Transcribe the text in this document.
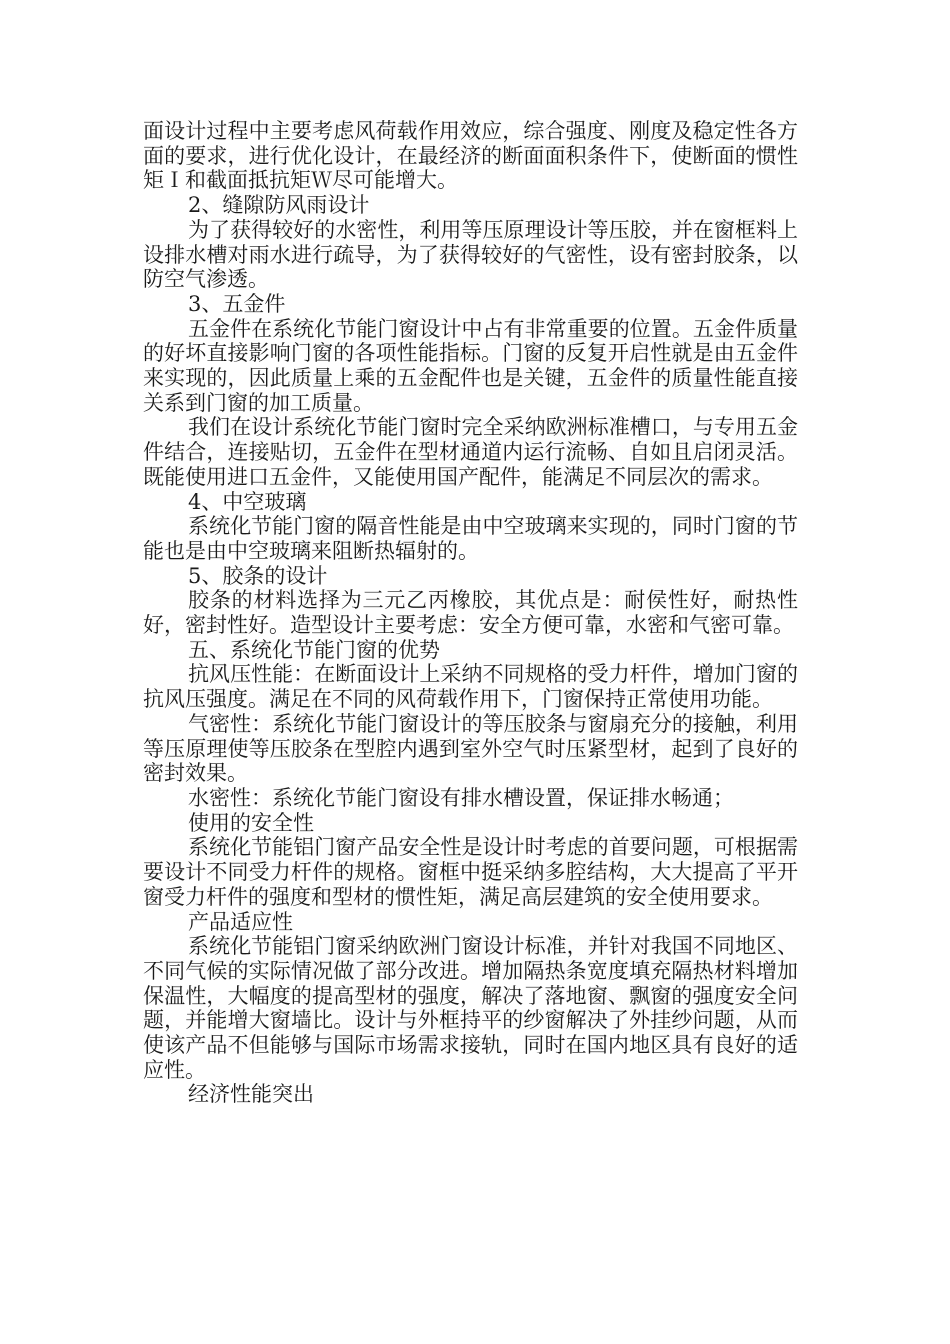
面设计过程中主要考虑风荷载作用效应，综合强度、刚度及稳定性各方面的要求，进行优化设计，在最经济的断面面积条件下，使断面的惯性矩Ｉ和截面抵抗矩Ｗ尽可能增大。

2、缝隙防风雨设计

为了获得较好的水密性，利用等压原理设计等压胶，并在窗框料上设排水槽对雨水进行疏导，为了获得较好的气密性，设有密封胶条，以防空气渗透。

3、五金件

五金件在系统化节能门窗设计中占有非常重要的位置。五金件质量的好坏直接影响门窗的各项性能指标。门窗的反复开启性就是由五金件来实现的，因此质量上乘的五金配件也是关键，五金件的质量性能直接关系到门窗的加工质量。

我们在设计系统化节能门窗时完全采纳欧洲标准槽口，与专用五金件结合，连接贴切，五金件在型材通道内运行流畅、自如且启闭灵活。既能使用进口五金件，又能使用国产配件，能满足不同层次的需求。

4、中空玻璃

系统化节能门窗的隔音性能是由中空玻璃来实现的，同时门窗的节能也是由中空玻璃来阻断热辐射的。

5、胶条的设计

胶条的材料选择为三元乙丙橡胶，其优点是：耐侯性好，耐热性好，密封性好。造型设计主要考虑：安全方便可靠，水密和气密可靠。

五、系统化节能门窗的优势

抗风压性能：在断面设计上采纳不同规格的受力杆件，增加门窗的抗风压强度。满足在不同的风荷载作用下，门窗保持正常使用功能。

气密性：系统化节能门窗设计的等压胶条与窗扇充分的接触，利用等压原理使等压胶条在型腔内遇到室外空气时压紧型材，起到了良好的密封效果。

水密性：系统化节能门窗设有排水槽设置，保证排水畅通；

使用的安全性

系统化节能铝门窗产品安全性是设计时考虑的首要问题，可根据需要设计不同受力杆件的规格。窗框中挺采纳多腔结构，大大提高了平开窗受力杆件的强度和型材的惯性矩，满足高层建筑的安全使用要求。

产品适应性

系统化节能铝门窗采纳欧洲门窗设计标准，并针对我国不同地区、不同气候的实际情况做了部分改进。增加隔热条宽度填充隔热材料增加保温性，大幅度的提高型材的强度，解决了落地窗、飘窗的强度安全问题，并能增大窗墙比。设计与外框持平的纱窗解决了外挂纱问题，从而使该产品不但能够与国际市场需求接轨，同时在国内地区具有良好的适应性。

经济性能突出
